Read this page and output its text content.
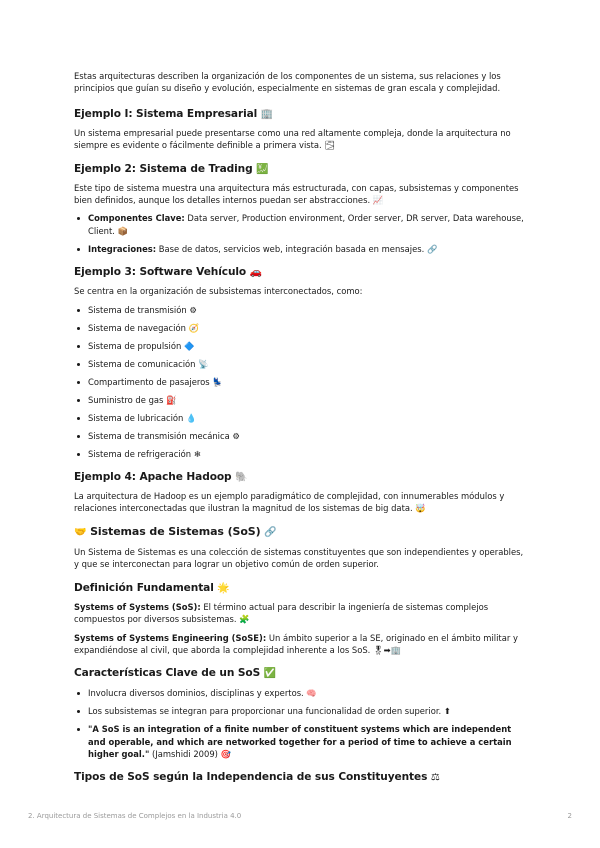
Estas arquitecturas describen la organización de los componentes de un sistema, sus relaciones y los principios que guían su diseño y evolución, especialmente en sistemas de gran escala y complejidad.

Ejemplo I: Sistema Empresarial 🏢

Un sistema empresarial puede presentarse como una red altamente compleja, donde la arquitectura no siempre es evidente o fácilmente definible a primera vista. 🌫

Ejemplo 2: Sistema de Trading 💹

Este tipo de sistema muestra una arquitectura más estructurada, con capas, subsistemas y componentes bien definidos, aunque los detalles internos puedan ser abstracciones. 📈

Componentes Clave: Data server, Production environment, Order server, DR server, Data warehouse, Client. 📦
Integraciones: Base de datos, servicios web, integración basada en mensajes. 🔗
Ejemplo 3: Software Vehículo 🚗

Se centra en la organización de subsistemas interconectados, como:

Sistema de transmisión ⚙
Sistema de navegación 🧭
Sistema de propulsión 🔷
Sistema de comunicación 📡
Compartimento de pasajeros 💺
Suministro de gas ⛽
Sistema de lubricación 💧
Sistema de transmisión mecánica ⚙
Sistema de refrigeración ❄
Ejemplo 4: Apache Hadoop 🐘

La arquitectura de Hadoop es un ejemplo paradigmático de complejidad, con innumerables módulos y relaciones interconectadas que ilustran la magnitud de los sistemas de big data. 🤯

🤝 Sistemas de Sistemas (SoS) 🔗

Un Sistema de Sistemas es una colección de sistemas constituyentes que son independientes y operables, y que se interconectan para lograr un objetivo común de orden superior.

Definición Fundamental 🌟

Systems of Systems (SoS): El término actual para describir la ingeniería de sistemas complejos compuestos por diversos subsistemas. 🧩

Systems of Systems Engineering (SoSE): Un ámbito superior a la SE, originado en el ámbito militar y expandiéndose al civil, que aborda la complejidad inherente a los SoS. 🎖➡🏢

Características Clave de un SoS ✅
Involucra diversos dominios, disciplinas y expertos. 🧠
Los subsistemas se integran para proporcionar una funcionalidad de orden superior. ⬆
"A SoS is an integration of a finite number of constituent systems which are independent and operable, and which are networked together for a period of time to achieve a certain higher goal." (Jamshidi 2009) 🎯
Tipos de SoS según la Independencia de sus Constituyentes ⚖
2. Arquitectura de Sistemas de Complejos en la Industria 4.0	2
